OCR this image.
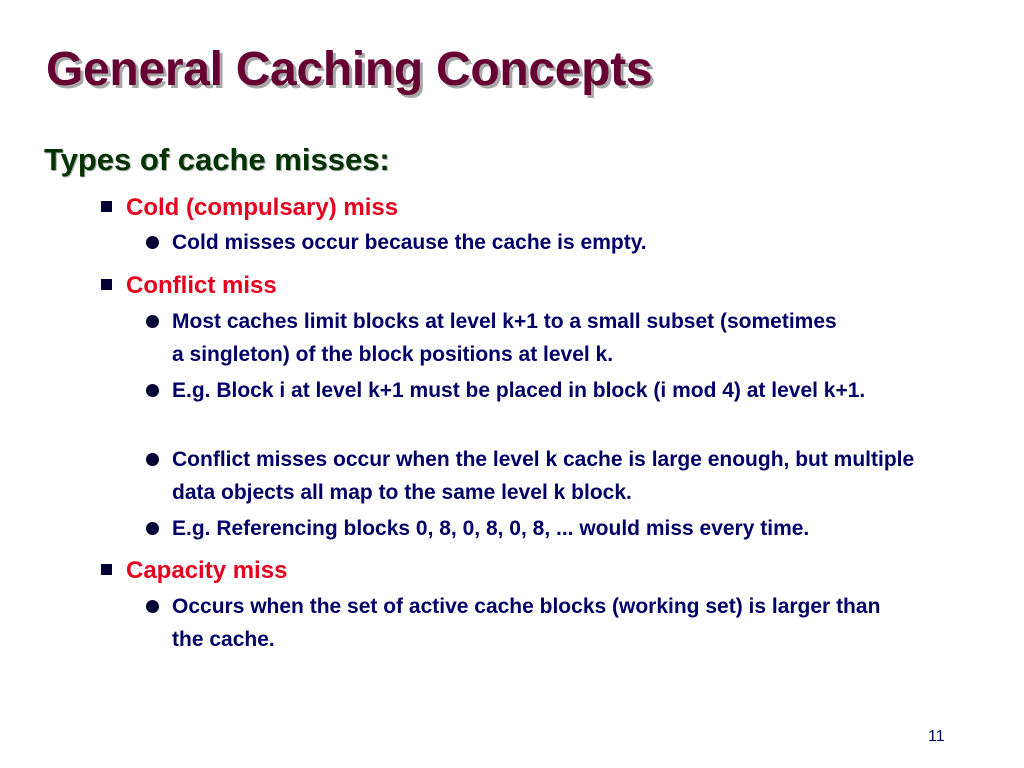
General Caching Concepts
Types of cache misses:
Cold (compulsary) miss
Cold misses occur because the cache is empty.
Conflict miss
Most caches limit blocks at level k+1 to a small subset (sometimes a singleton) of the block positions at level k.
E.g. Block i at level k+1 must be placed in block (i mod 4) at level k+1.
Conflict misses occur when the level k cache is large enough, but multiple data objects all map to the same level k block.
E.g. Referencing blocks 0, 8, 0, 8, 0, 8, ... would miss every time.
Capacity miss
Occurs when the set of active cache blocks (working set) is larger than the cache.
11
